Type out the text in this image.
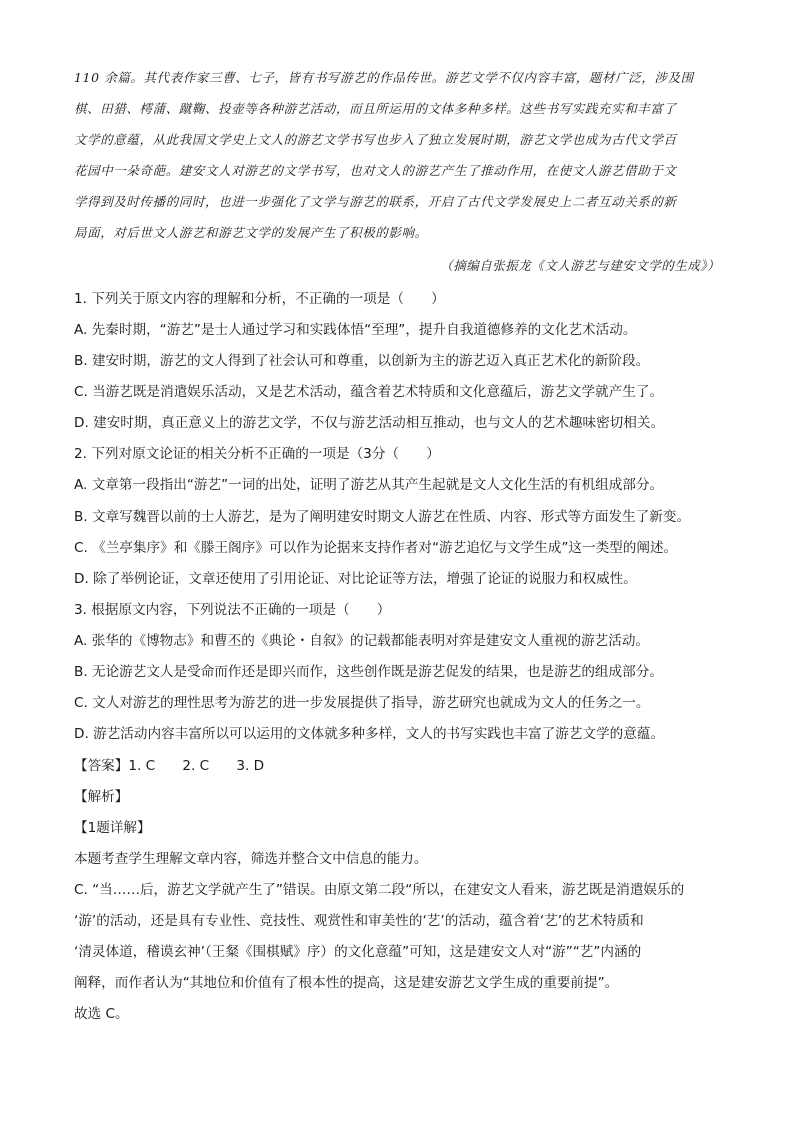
110 余篇。其代表作家三曹、七子，皆有书写游艺的作品传世。游艺文学不仅内容丰富，题材广泛，涉及围
棋、田猎、樗蒲、蹴鞠、投壶等各种游艺活动，而且所运用的文体多种多样。这些书写实践充实和丰富了
文学的意蕴，从此我国文学史上文人的游艺文学书写也步入了独立发展时期，游艺文学也成为古代文学百
花园中一朵奇葩。建安文人对游艺的文学书写，也对文人的游艺产生了推动作用，在使文人游艺借助于文
学得到及时传播的同时，也进一步强化了文学与游艺的联系，开启了古代文学发展史上二者互动关系的新
局面，对后世文人游艺和游艺文学的发展产生了积极的影响。
（摘编自张振龙《文人游艺与建安文学的生成》）
1. 下列关于原文内容的理解和分析，不正确的一项是（　　）
A. 先秦时期，“游艺”是士人通过学习和实践体悟“至理”，提升自我道德修养的文化艺术活动。
B. 建安时期，游艺的文人得到了社会认可和尊重，以创新为主的游艺迈入真正艺术化的新阶段。
C. 当游艺既是消遣娱乐活动，又是艺术活动，蕴含着艺术特质和文化意蕴后，游艺文学就产生了。
D. 建安时期，真正意义上的游艺文学，不仅与游艺活动相互推动，也与文人的艺术趣味密切相关。
2. 下列对原文论证的相关分析不正确的一项是（3分（　　）
A. 文章第一段指出“游艺”一词的出处，证明了游艺从其产生起就是文人文化生活的有机组成部分。
B. 文章写魏晋以前的士人游艺，是为了阐明建安时期文人游艺在性质、内容、形式等方面发生了新变。
C. 《兰亭集序》和《滕王阁序》可以作为论据来支持作者对“游艺追忆与文学生成”这一类型的阐述。
D. 除了举例论证，文章还使用了引用论证、对比论证等方法，增强了论证的说服力和权威性。
3. 根据原文内容，下列说法不正确的一项是（　　）
A. 张华的《博物志》和曹丕的《典论・自叙》的记载都能表明对弈是建安文人重视的游艺活动。
B. 无论游艺文人是受命而作还是即兴而作，这些创作既是游艺促发的结果，也是游艺的组成部分。
C. 文人对游艺的理性思考为游艺的进一步发展提供了指导，游艺研究也就成为文人的任务之一。
D. 游艺活动内容丰富所以可以运用的文体就多种多样，文人的书写实践也丰富了游艺文学的意蕴。
【答案】1. C　　2. C　　3. D
【解析】
【1题详解】
本题考查学生理解文章内容，筛选并整合文中信息的能力。
C. “当……后，游艺文学就产生了”错误。由原文第二段“所以，在建安文人看来，游艺既是消遣娱乐的
‘游’的活动，还是具有专业性、竞技性、观赏性和审美性的‘艺’的活动，蕴含着‘艺’的艺术特质和
‘清灵体道，稽谟玄神’（王粲《围棋赋》序）的文化意蕴”可知，这是建安文人对“游”“艺”内涵的
阐释，而作者认为“其地位和价值有了根本性的提高，这是建安游艺文学生成的重要前提”。
故选 C。
